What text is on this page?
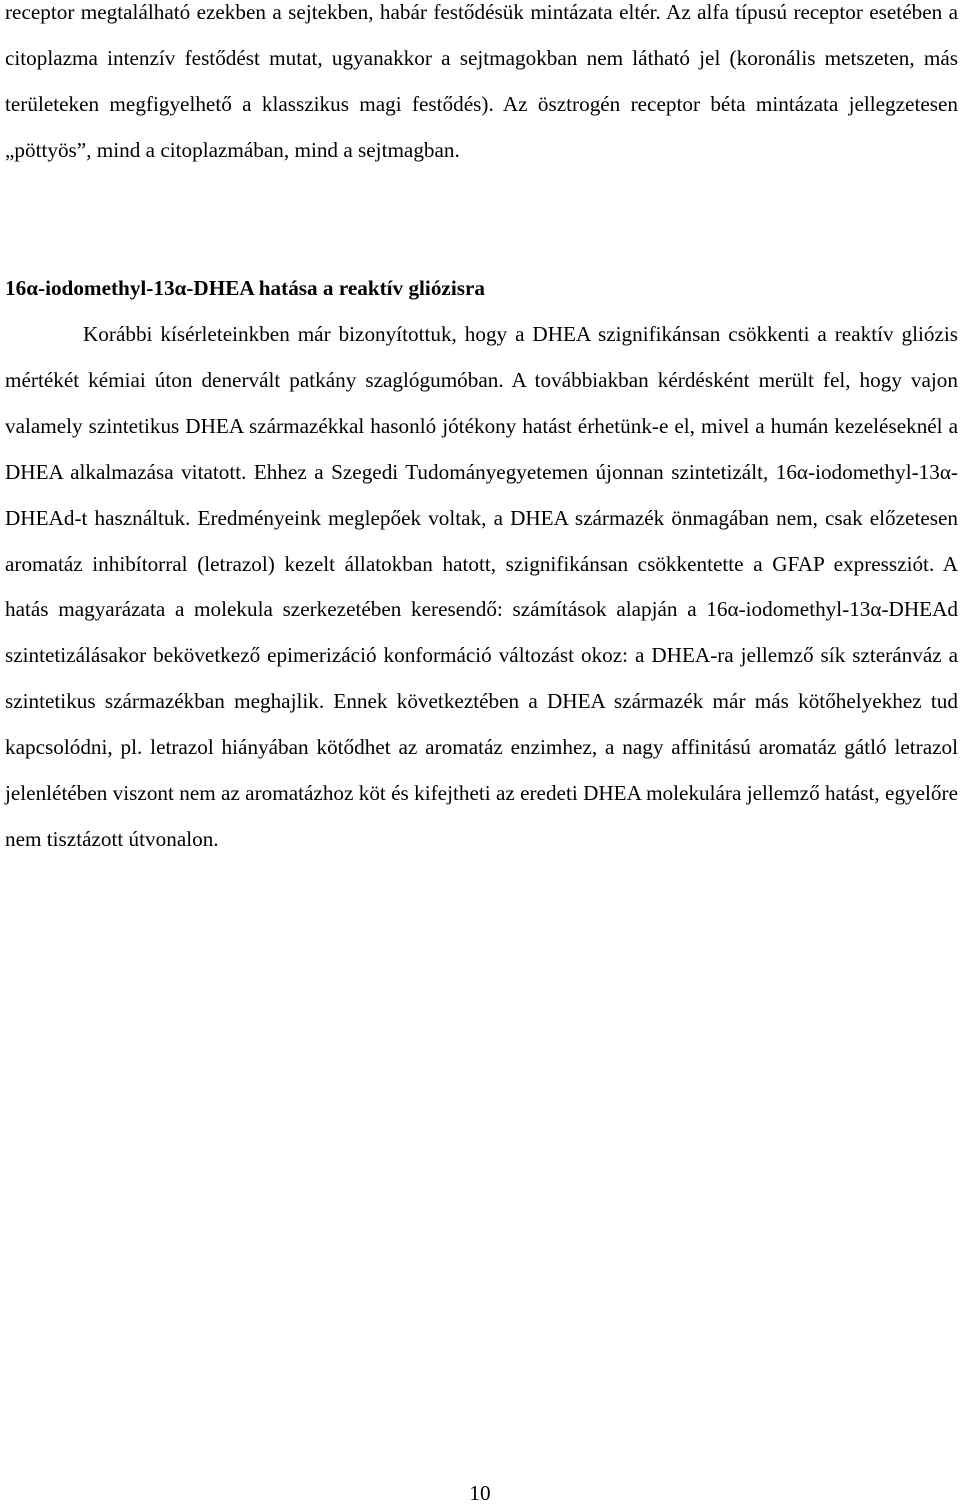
receptor megtalálható ezekben a sejtekben, habár festődésük mintázata eltér. Az alfa típusú receptor esetében a citoplazma intenzív festődést mutat, ugyanakkor a sejtmagokban nem látható jel (koronális metszeten, más területeken megfigyelhető a klasszikus magi festődés). Az ösztrogén receptor béta mintázata jellegzetesen „pöttyös”, mind a citoplazmában, mind a sejtmagban.

16α-iodomethyl-13α-DHEA hatása a reaktív gliózisra

Korábbi kísérleteinkben már bizonyítottuk, hogy a DHEA szignifikánsan csökkenti a reaktív gliózis mértékét kémiai úton denervált patkány szaglógumóban. A továbbiakban kérdésként merült fel, hogy vajon valamely szintetikus DHEA származékkal hasonló jótékony hatást érhetünk-e el, mivel a humán kezeléseknél a DHEA alkalmazása vitatott. Ehhez a Szegedi Tudományegyetemen újonnan szintetizált, 16α-iodomethyl-13α-DHEAd-t használtuk. Eredményeink meglepőek voltak, a DHEA származék önmagában nem, csak előzetesen aromatáz inhibítorral (letrazol) kezelt állatokban hatott, szignifikánsan csökkentette a GFAP expressziót. A hatás magyarázata a molekula szerkezetében keresendő: számítások alapján a 16α-iodomethyl-13α-DHEAd szintetizálásakor bekövetkező epimerizáció konformáció változást okoz: a DHEA-ra jellemző sík szteránváz a szintetikus származékban meghajlik. Ennek következtében a DHEA származék már más kötőhelyekhez tud kapcsolódni, pl. letrazol hiányában kötődhet az aromatáz enzimhez, a nagy affinitású aromatáz gátló letrazol jelenlétében viszont nem az aromatázhoz köt és kifejtheti az eredeti DHEA molekulára jellemző hatást, egyelőre nem tisztázott útvonalon.

10
